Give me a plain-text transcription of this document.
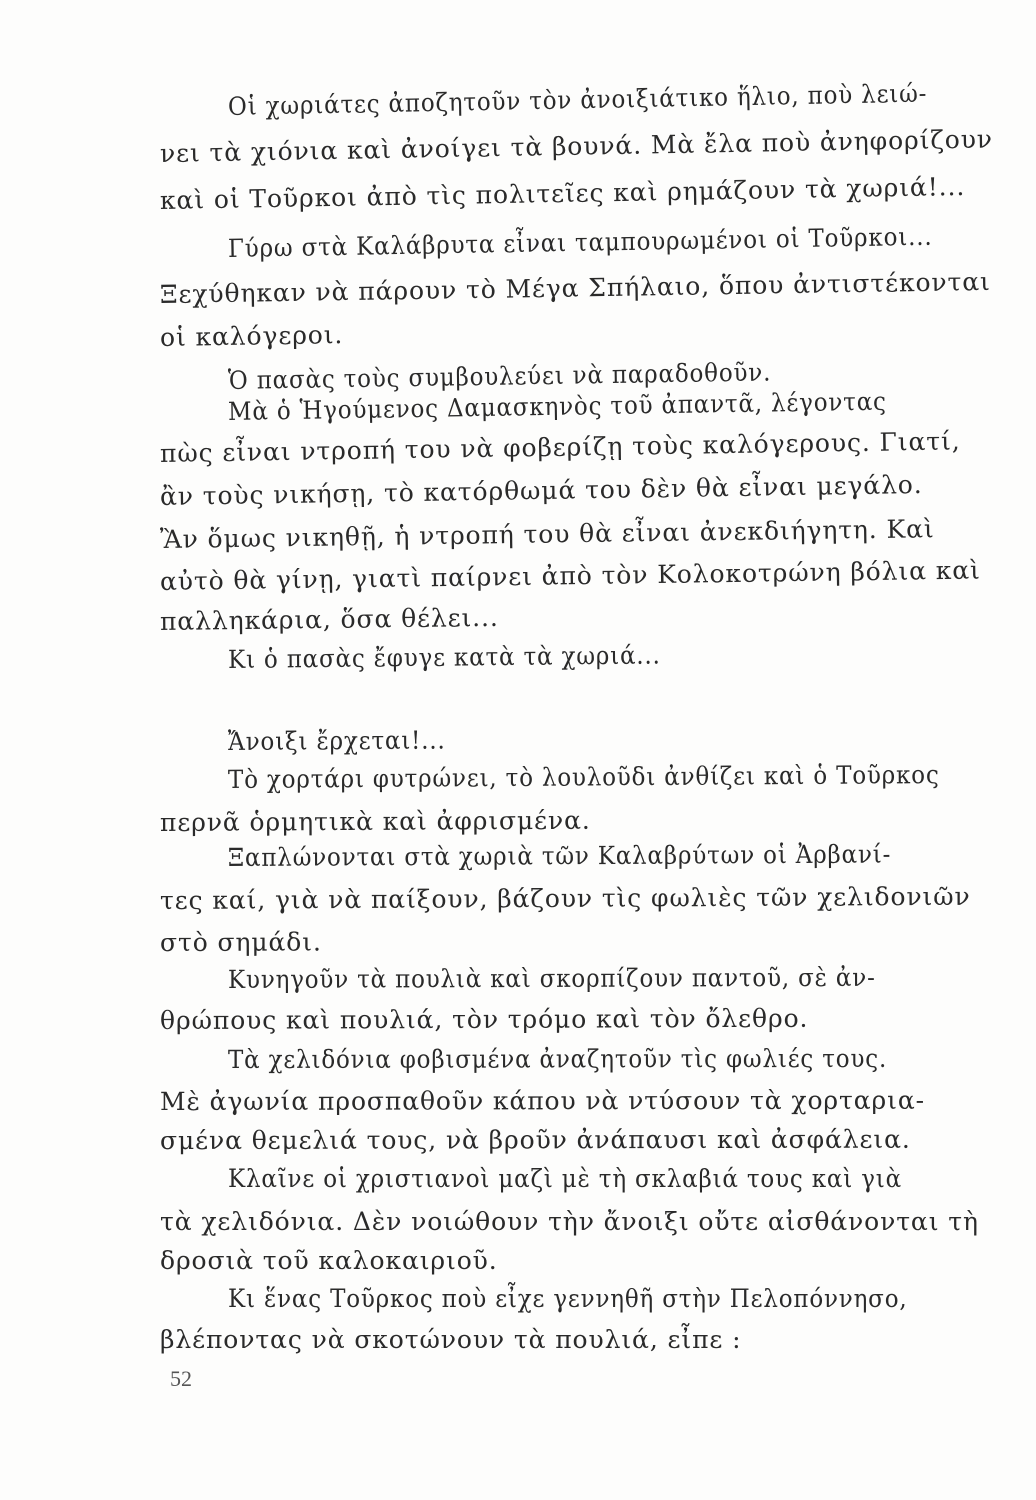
Οἱ χωριάτες ἀποζητοῦν τὸν ἀνοιξιάτικο ἥλιο, ποὺ λειώ-
νει τὰ χιόνια καὶ ἀνοίγει τὰ βουνά. Μὰ ἔλα ποὺ ἀνηφορίζουν
καὶ οἱ Τοῦρκοι ἀπὸ τὶς πολιτεῖες καὶ ρημάζουν τὰ χωριά!...
Γύρω στὰ Καλάβρυτα εἶναι ταμπουρωμένοι οἱ Τοῦρκοι...
Ξεχύθηκαν νὰ πάρουν τὸ Μέγα Σπήλαιο, ὅπου ἀντιστέκονται
οἱ καλόγεροι.
Ὁ πασὰς τοὺς συμβουλεύει νὰ παραδοθοῦν.
Μὰ ὁ Ἡγούμενος Δαμασκηνὸς τοῦ ἀπαντᾶ, λέγοντας
πὼς εἶναι ντροπή του νὰ φοβερίζῃ τοὺς καλόγερους. Γιατί,
ἂν τοὺς νικήσῃ, τὸ κατόρθωμά του δὲν θὰ εἶναι μεγάλο.
Ἂν ὅμως νικηθῇ, ἡ ντροπή του θὰ εἶναι ἀνεκδιήγητη. Καὶ
αὐτὸ θὰ γίνῃ, γιατὶ παίρνει ἀπὸ τὸν Κολοκοτρώνη βόλια καὶ
παλληκάρια, ὅσα θέλει...
Κι ὁ πασὰς ἔφυγε κατὰ τὰ χωριά...
Ἄνοιξι ἔρχεται!...
Τὸ χορτάρι φυτρώνει, τὸ λουλοῦδι ἀνθίζει καὶ ὁ Τοῦρκος
περνᾶ ὁρμητικὰ καὶ ἀφρισμένα.
Ξαπλώνονται στὰ χωριὰ τῶν Καλαβρύτων οἱ Ἀρβανί-
τες καί, γιὰ νὰ παίξουν, βάζουν τὶς φωλιὲς τῶν χελιδονιῶν
στὸ σημάδι.
Κυνηγοῦν τὰ πουλιὰ καὶ σκορπίζουν παντοῦ, σὲ ἀν-
θρώπους καὶ πουλιά, τὸν τρόμο καὶ τὸν ὄλεθρο.
Τὰ χελιδόνια φοβισμένα ἀναζητοῦν τὶς φωλιές τους.
Μὲ ἀγωνία προσπαθοῦν κάπου νὰ ντύσουν τὰ χορταρια-
σμένα θεμελιά τους, νὰ βροῦν ἀνάπαυσι καὶ ἀσφάλεια.
Κλαῖνε οἱ χριστιανοὶ μαζὶ μὲ τὴ σκλαβιά τους καὶ γιὰ
τὰ χελιδόνια. Δὲν νοιώθουν τὴν ἄνοιξι οὔτε αἰσθάνονται τὴ
δροσιὰ τοῦ καλοκαιριοῦ.
Κι ἕνας Τοῦρκος ποὺ εἶχε γεννηθῆ στὴν Πελοπόννησο,
βλέποντας νὰ σκοτώνουν τὰ πουλιά, εἶπε :
52
